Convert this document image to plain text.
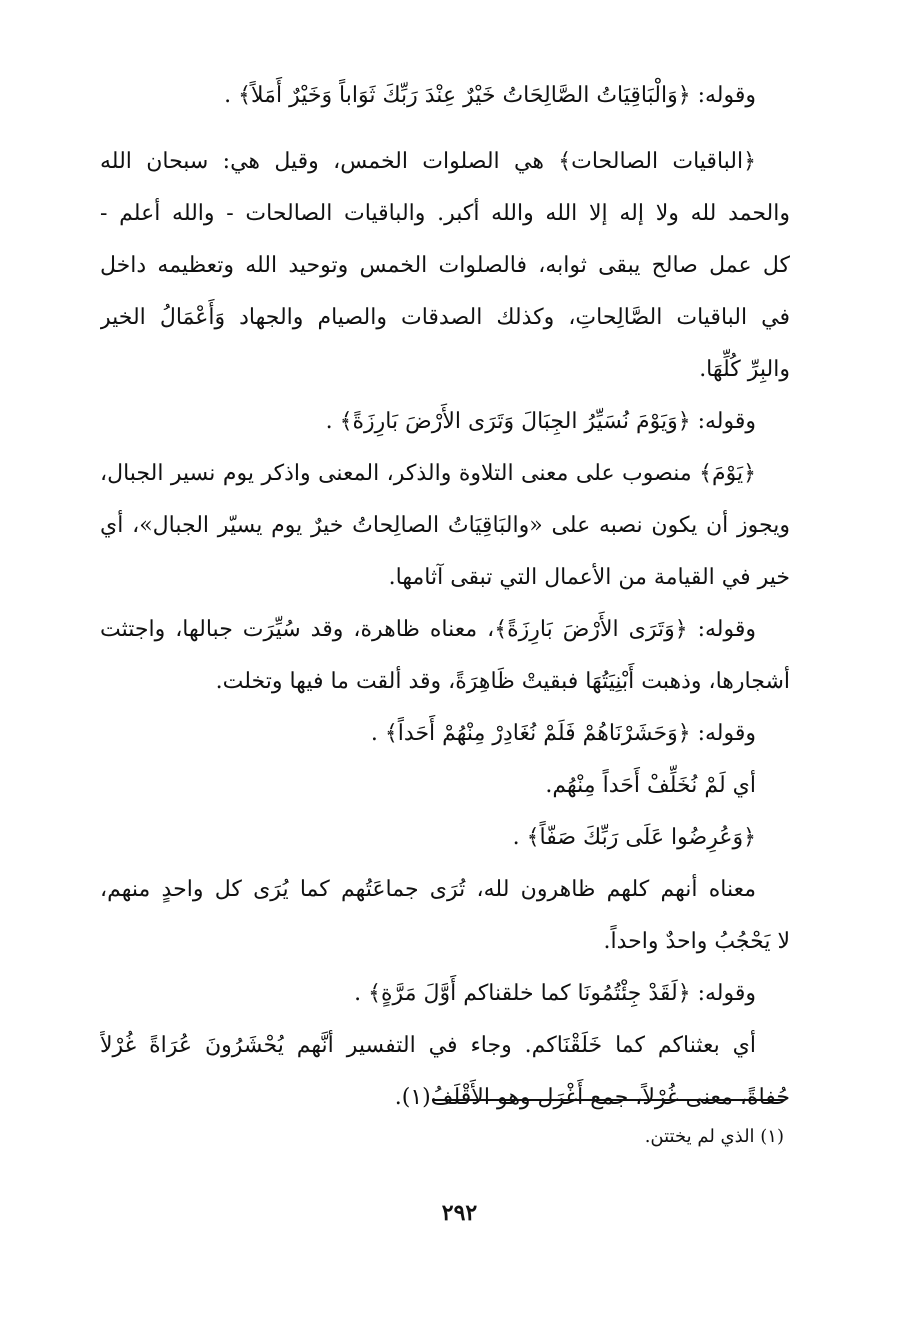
وقوله: ﴿وَالْبَاقِيَاتُ الصَّالِحَاتُ خَيْرٌ عِنْدَ رَبِّكَ ثَوَاباً وَخَيْرٌ أَمَلاً﴾ .
﴿الباقيات الصالحات﴾ هي الصلوات الخمس، وقيل هي: سبحان الله
والحمد لله ولا إله إلا الله والله أكبر. والباقيات الصالحات - والله أعلم -
كل عمل صالح يبقى ثوابه، فالصلوات الخمس وتوحيد الله وتعظيمه داخل
في الباقيات الصَّالِحاتِ، وكذلك الصدقات والصيام والجهاد وَأَعْمَالُ الخير
والبِرِّ كُلِّهَا.
وقوله: ﴿وَيَوْمَ نُسَيِّرُ الجِبَالَ وَتَرَى الأَرْضَ بَارِزَةً﴾ .
﴿يَوْمَ﴾ منصوب على معنى التلاوة والذكر، المعنى واذكر يوم نسير الجبال،
ويجوز أن يكون نصبه على «والبَاقِيَاتُ الصالِحاتُ خيرٌ يوم يسيّر الجبال»، أي
خير في القيامة من الأعمال التي تبقى آثامها.
وقوله: ﴿وَتَرَى الأَرْضَ بَارِزَةً﴾، معناه ظاهرة، وقد سُيِّرَت جبالها، واجتثت
أشجارها، وذهبت أَبْنِيَتُهَا فبقيتْ ظَاهِرَةً، وقد ألقت ما فيها وتخلت.
وقوله: ﴿وَحَشَرْنَاهُمْ فَلَمْ نُغَادِرْ مِنْهُمْ أَحَداً﴾ .
أي لَمْ نُخَلِّفْ أَحَداً مِنْهُم.
﴿وَعُرِضُوا عَلَى رَبِّكَ صَفّاً﴾ .
معناه أنهم كلهم ظاهرون لله، تُرَى جماعَتُهم كما يُرَى كل واحدٍ منهم،
لا يَحْجُبُ واحدٌ واحداً.
وقوله: ﴿لَقَدْ جِئْتُمُونَا كما خلقناكم أَوَّلَ مَرَّةٍ﴾ .
أي بعثناكم كما خَلَقْنَاكم. وجاء في التفسير أنَّهم يُحْشَرُونَ عُرَاةً غُرْلاً
حُفاةً، معنى غُرْلاً، جمع أَغْرَل وهو الأَقْلَفُ(١).
(١) الذي لم يختتن.
٢٩٢
